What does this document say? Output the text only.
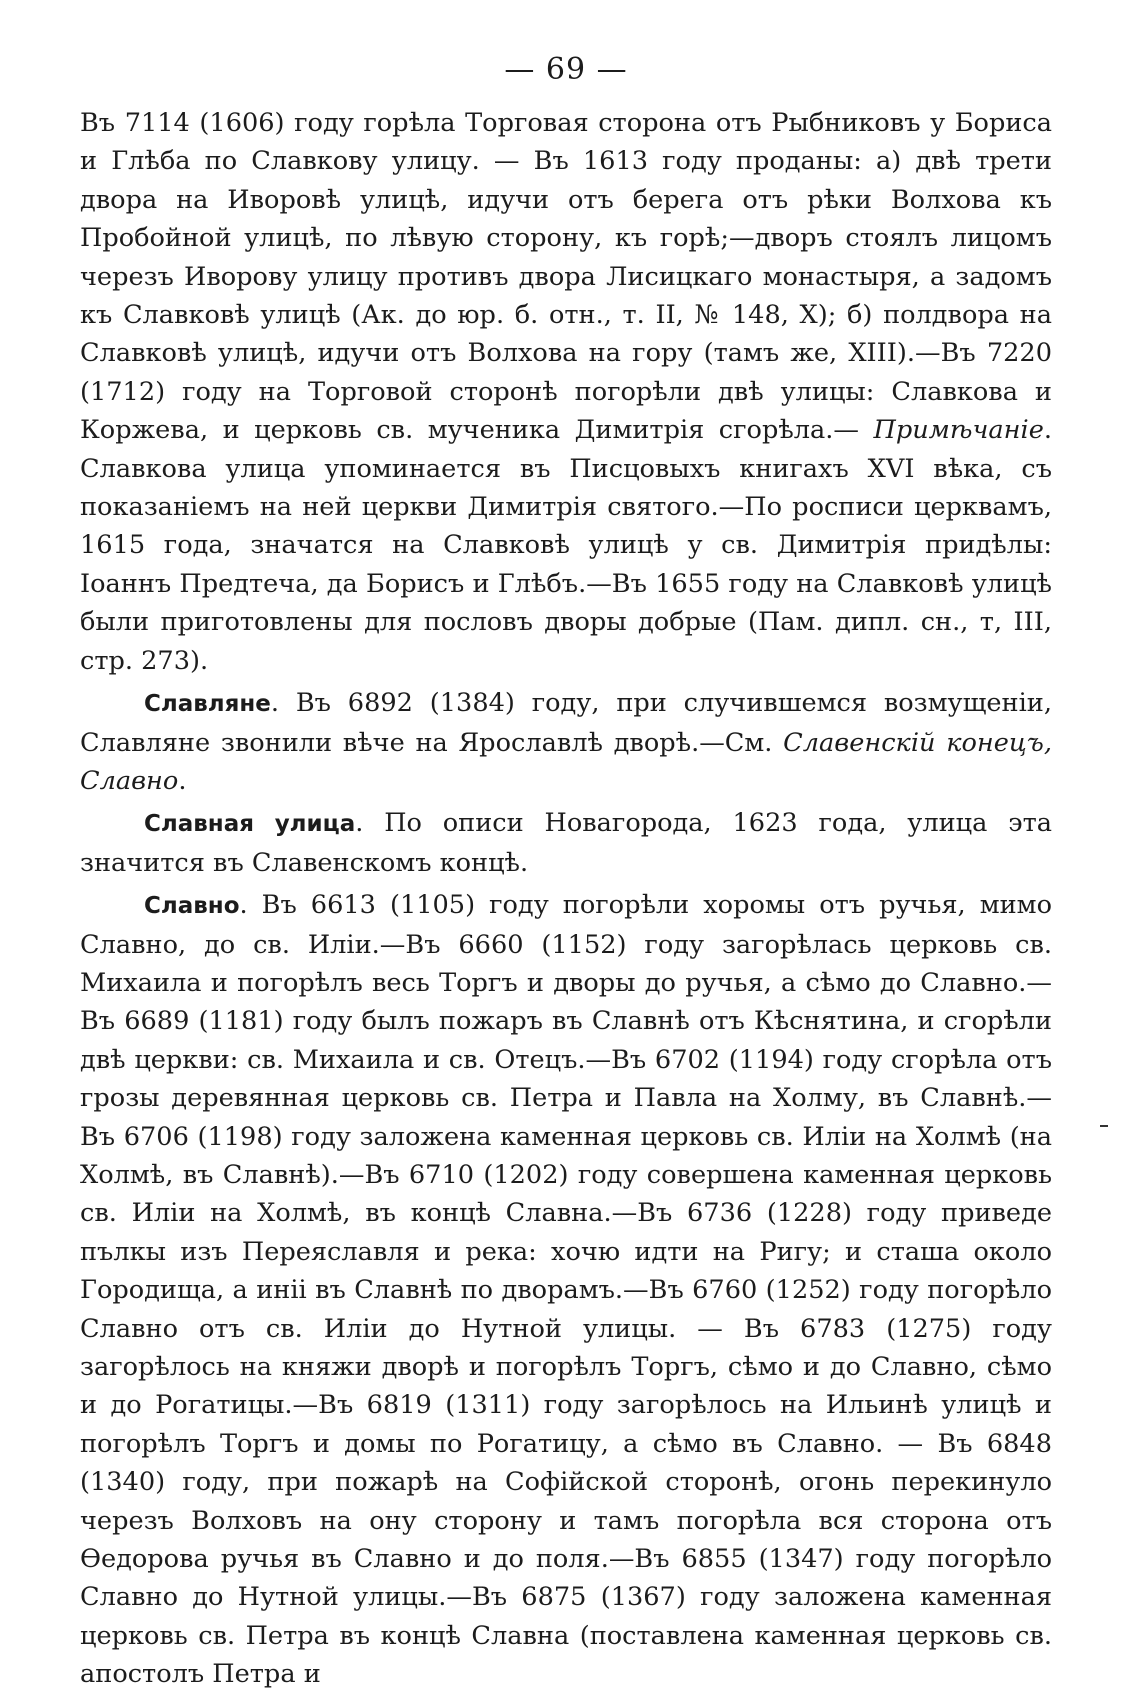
— 69 —

Въ 7114 (1606) году горѣла Торговая сторона отъ Рыбниковъ у Бориса и Глѣба по Славкову улицу. — Въ 1613 году проданы: а) двѣ трети двора на Иворовѣ улицѣ, идучи отъ берега отъ рѣки Волхова къ Пробойной улицѣ, по лѣвую сторону, къ горѣ;—дворъ стоялъ лицомъ черезъ Иворову улицу противъ двора Лисицкаго монастыря, а задомъ къ Славковѣ улицѣ (Ак. до юр. б. отн., т. II, № 148, X); б) полдвора на Славковѣ улицѣ, идучи отъ Волхова на гору (тамъ же, XIII).—Въ 7220 (1712) году на Торговой сторонѣ погорѣли двѣ улицы: Славкова и Коржева, и церковь св. мученика Димитрія сгорѣла.— Примѣчаніе. Славкова улица упоминается въ Писцовыхъ книгахъ XVI вѣка, съ показаніемъ на ней церкви Димитрія святого.—По росписи церквамъ, 1615 года, значатся на Славковѣ улицѣ у св. Димитрія придѣлы: Іоаннъ Предтеча, да Борисъ и Глѣбъ.—Въ 1655 году на Славковѣ улицѣ были приготовлены для пословъ дворы добрые (Пам. дипл. сн., т, III, стр. 273).

Славляне. Въ 6892 (1384) году, при случившемся возмущеніи, Славляне звонили вѣче на Ярославлѣ дворѣ.—См. Славенскій конецъ, Славно.

Славная улица. По описи Новагорода, 1623 года, улица эта значится въ Славенскомъ концѣ.

Славно. Въ 6613 (1105) году погорѣли хоромы отъ ручья, мимо Славно, до св. Иліи.—Въ 6660 (1152) году загорѣлась церковь св. Михаила и погорѣлъ весь Торгъ и дворы до ручья, а сѣмо до Славно.— Въ 6689 (1181) году былъ пожаръ въ Славнѣ отъ Кѣснятина, и сгорѣли двѣ церкви: св. Михаила и св. Отецъ.—Въ 6702 (1194) году сгорѣла отъ грозы деревянная церковь св. Петра и Павла на Холму, въ Славнѣ.— Въ 6706 (1198) году заложена каменная церковь св. Иліи на Холмѣ (на Холмѣ, въ Славнѣ).—Въ 6710 (1202) году совершена каменная церковь св. Иліи на Холмѣ, въ концѣ Славна.—Въ 6736 (1228) году приведе пълкы изъ Переяславля и река: хочю идти на Ригу; и сташа около Городища, а инii въ Славнѣ по дворамъ.—Въ 6760 (1252) году погорѣло Славно отъ св. Иліи до Нутной улицы. — Въ 6783 (1275) году загорѣлось на княжи дворѣ и погорѣлъ Торгъ, сѣмо и до Славно, сѣмо и до Рогатицы.—Въ 6819 (1311) году загорѣлось на Ильинѣ улицѣ и погорѣлъ Торгъ и домы по Рогатицу, а сѣмо въ Славно. — Въ 6848 (1340) году, при пожарѣ на Софійской сторонѣ, огонь перекинуло черезъ Волховъ на ону сторону и тамъ погорѣла вся сторона отъ Ѳедорова ручья въ Славно и до поля.—Въ 6855 (1347) году погорѣло Славно до Нутной улицы.—Въ 6875 (1367) году заложена каменная церковь св. Петра въ концѣ Славна (поставлена каменная церковь св. апостолъ Петра и
